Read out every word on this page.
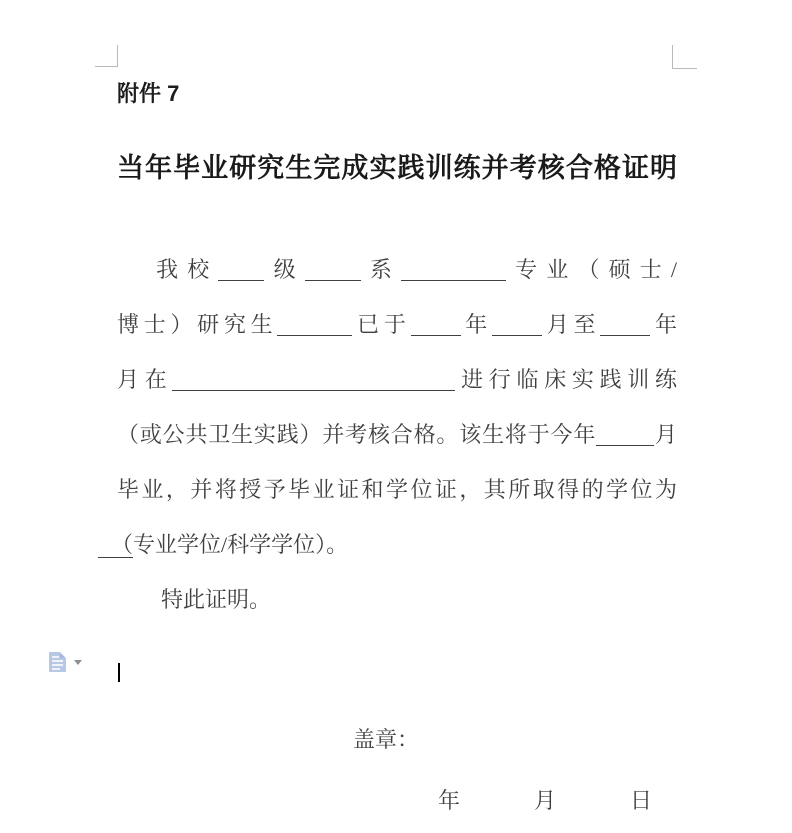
附件 7
当年毕业研究生完成实践训练并考核合格证明
我校 级	系	专业（硕士/
博士）研究生	已于 年 月至 年
月在	进行临床实践训练
（或公共卫生实践）并考核合格。该生将于今年	月
毕业，并将授予毕业证和学位证，其所取得的学位为
（专业学位/科学学位）。
特此证明。
盖章：
年	月	日
